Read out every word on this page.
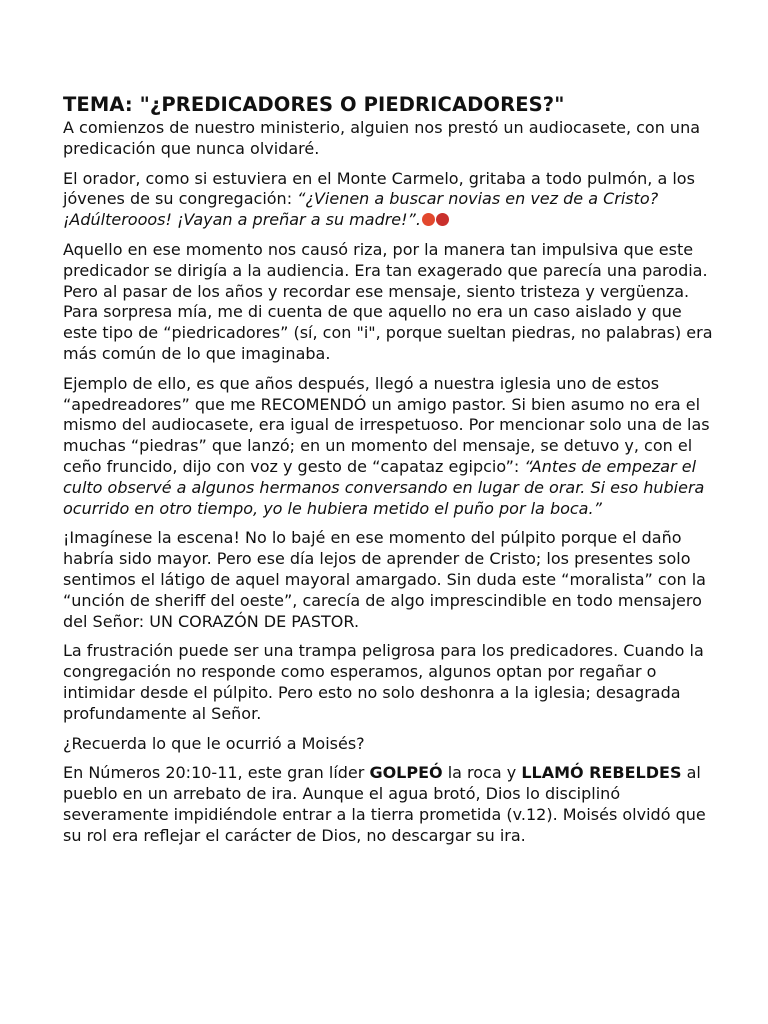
TEMA: "¿PREDICADORES O PIEDRICADORES?"

A comienzos de nuestro ministerio, alguien nos prestó un audiocasete, con una predicación que nunca olvidaré.

El orador, como si estuviera en el Monte Carmelo, gritaba a todo pulmón, a los jóvenes de su congregación: “¿Vienen a buscar novias en vez de a Cristo? ¡Adúlterooos! ¡Vayan a preñar a su madre!”.

Aquello en ese momento nos causó riza, por la manera tan impulsiva que este predicador se dirigía a la audiencia. Era tan exagerado que parecía una parodia. Pero al pasar de los años y recordar ese mensaje, siento tristeza y vergüenza. Para sorpresa mía, me di cuenta de que aquello no era un caso aislado y que este tipo de “piedricadores” (sí, con "i", porque sueltan piedras, no palabras) era más común de lo que imaginaba.

Ejemplo de ello, es que años después, llegó a nuestra iglesia uno de estos “apedreadores” que me RECOMENDÓ un amigo pastor. Si bien asumo no era el mismo del audiocasete, era igual de irrespetuoso. Por mencionar solo una de las muchas “piedras” que lanzó; en un momento del mensaje, se detuvo y, con el ceño fruncido, dijo con voz y gesto de “capataz egipcio”: “Antes de empezar el culto observé a algunos hermanos conversando en lugar de orar. Si eso hubiera ocurrido en otro tiempo, yo le hubiera metido el puño por la boca.”

¡Imagínese la escena! No lo bajé en ese momento del púlpito porque el daño habría sido mayor. Pero ese día lejos de aprender de Cristo; los presentes solo sentimos el látigo de aquel mayoral amargado. Sin duda este “moralista” con la “unción de sheriff del oeste”, carecía de algo imprescindible en todo mensajero del Señor: UN CORAZÓN DE PASTOR.

La frustración puede ser una trampa peligrosa para los predicadores. Cuando la congregación no responde como esperamos, algunos optan por regañar o intimidar desde el púlpito. Pero esto no solo deshonra a la iglesia; desagrada profundamente al Señor.

¿Recuerda lo que le ocurrió a Moisés?

En Números 20:10-11, este gran líder GOLPEÓ la roca y LLAMÓ REBELDES al pueblo en un arrebato de ira. Aunque el agua brotó, Dios lo disciplinó severamente impidiéndole entrar a la tierra prometida (v.12). Moisés olvidó que su rol era reflejar el carácter de Dios, no descargar su ira.
